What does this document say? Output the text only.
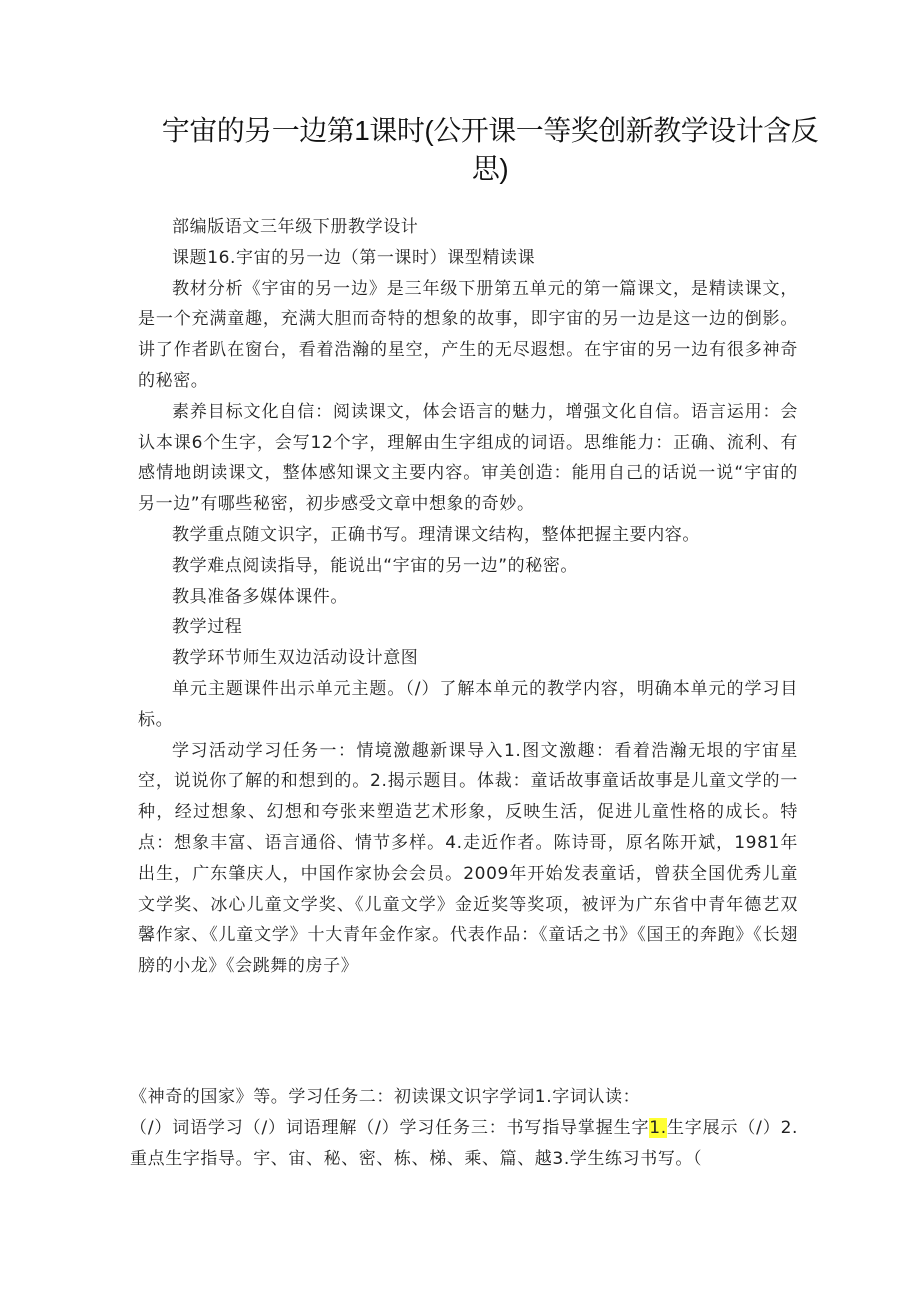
宇宙的另一边第1课时(公开课一等奖创新教学设计含反思)

部编版语文三年级下册教学设计

课题16.宇宙的另一边（第一课时）课型精读课

教材分析《宇宙的另一边》是三年级下册第五单元的第一篇课文，是精读课文，是一个充满童趣，充满大胆而奇特的想象的故事，即宇宙的另一边是这一边的倒影。讲了作者趴在窗台，看着浩瀚的星空，产生的无尽遐想。在宇宙的另一边有很多神奇的秘密。

素养目标文化自信：阅读课文，体会语言的魅力，增强文化自信。语言运用：会认本课6个生字，会写12个字，理解由生字组成的词语。思维能力：正确、流利、有感情地朗读课文，整体感知课文主要内容。审美创造：能用自己的话说一说“宇宙的另一边”有哪些秘密，初步感受文章中想象的奇妙。

教学重点随文识字，正确书写。理清课文结构，整体把握主要内容。

教学难点阅读指导，能说出“宇宙的另一边”的秘密。

教具准备多媒体课件。

教学过程

教学环节师生双边活动设计意图

单元主题课件出示单元主题。（/）了解本单元的教学内容，明确本单元的学习目标。

学习活动学习任务一：情境激趣新课导入1.图文激趣：看着浩瀚无垠的宇宙星空，说说你了解的和想到的。2.揭示题目。体裁：童话故事童话故事是儿童文学的一种，经过想象、幻想和夸张来塑造艺术形象，反映生活，促进儿童性格的成长。特点：想象丰富、语言通俗、情节多样。4.走近作者。陈诗哥，原名陈开斌，1981年出生，广东肇庆人，中国作家协会会员。2009年开始发表童话，曾获全国优秀儿童文学奖、冰心儿童文学奖、《儿童文学》金近奖等奖项，被评为广东省中青年德艺双馨作家、《儿童文学》十大青年金作家。代表作品：《童话之书》《国王的奔跑》《长翅膀的小龙》《会跳舞的房子》

《神奇的国家》等。学习任务二：初读课文识字学词1.字词认读：

（/）词语学习（/）词语理解（/）学习任务三：书写指导掌握生字1.生字展示（/）2.重点生字指导。宇、宙、秘、密、栋、梯、乘、篇、越3.学生练习书写。（
